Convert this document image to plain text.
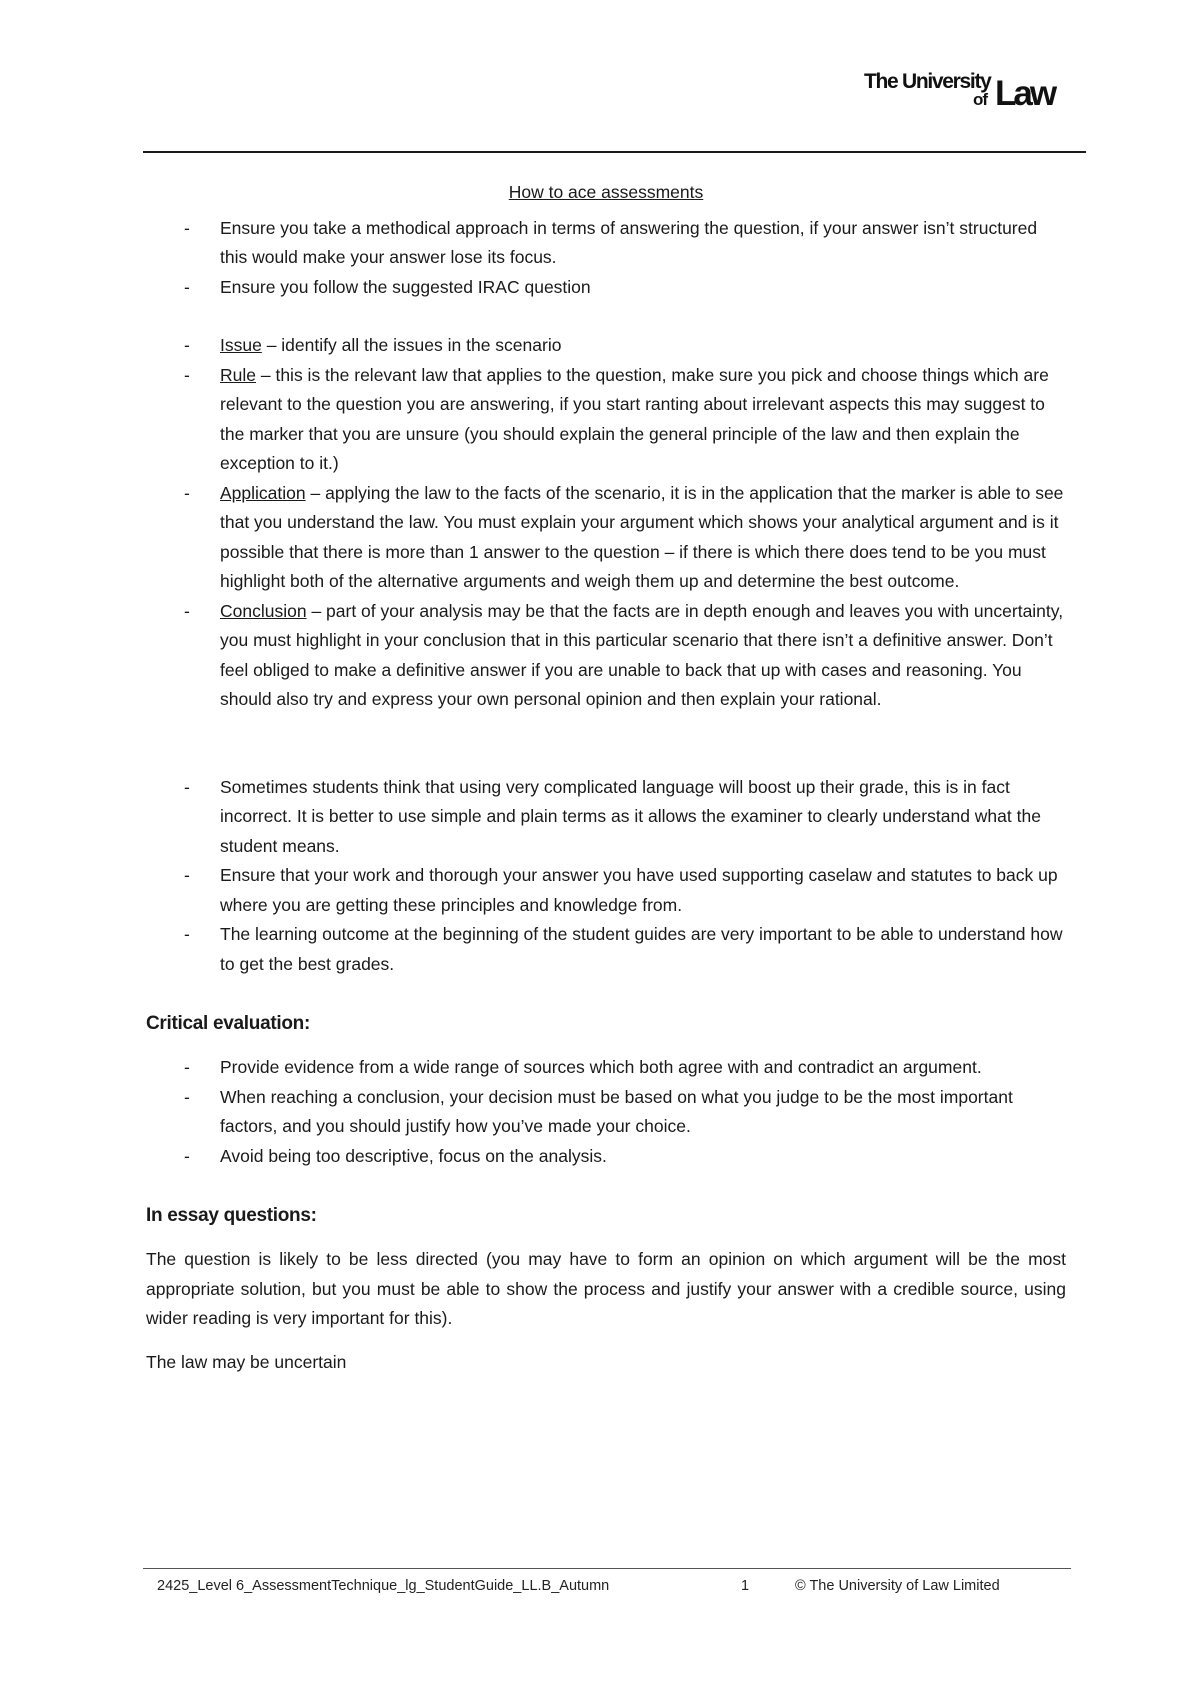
The University
of Law
How to ace assessments
- Ensure you take a methodical approach in terms of answering the question, if your answer isn’t structured this would make your answer lose its focus.
- Ensure you follow the suggested IRAC question
- Issue – identify all the issues in the scenario
- Rule – this is the relevant law that applies to the question, make sure you pick and choose things which are relevant to the question you are answering, if you start ranting about irrelevant aspects this may suggest to the marker that you are unsure (you should explain the general principle of the law and then explain the exception to it.)
- Application – applying the law to the facts of the scenario, it is in the application that the marker is able to see that you understand the law. You must explain your argument which shows your analytical argument and is it possible that there is more than 1 answer to the question – if there is which there does tend to be you must highlight both of the alternative arguments and weigh them up and determine the best outcome.
- Conclusion – part of your analysis may be that the facts are in depth enough and leaves you with uncertainty, you must highlight in your conclusion that in this particular scenario that there isn’t a definitive answer. Don’t feel obliged to make a definitive answer if you are unable to back that up with cases and reasoning. You should also try and express your own personal opinion and then explain your rational.
- Sometimes students think that using very complicated language will boost up their grade, this is in fact incorrect. It is better to use simple and plain terms as it allows the examiner to clearly understand what the student means.
- Ensure that your work and thorough your answer you have used supporting caselaw and statutes to back up where you are getting these principles and knowledge from.
- The learning outcome at the beginning of the student guides are very important to be able to understand how to get the best grades.
Critical evaluation:
- Provide evidence from a wide range of sources which both agree with and contradict an argument.
- When reaching a conclusion, your decision must be based on what you judge to be the most important factors, and you should justify how you’ve made your choice.
- Avoid being too descriptive, focus on the analysis.
In essay questions:

The question is likely to be less directed (you may have to form an opinion on which argument will be the most appropriate solution, but you must be able to show the process and justify your answer with a credible source, using wider reading is very important for this).

The law may be uncertain

2425_Level 6_AssessmentTechnique_lg_StudentGuide_LL.B_Autumn	1	© The University of Law Limited
